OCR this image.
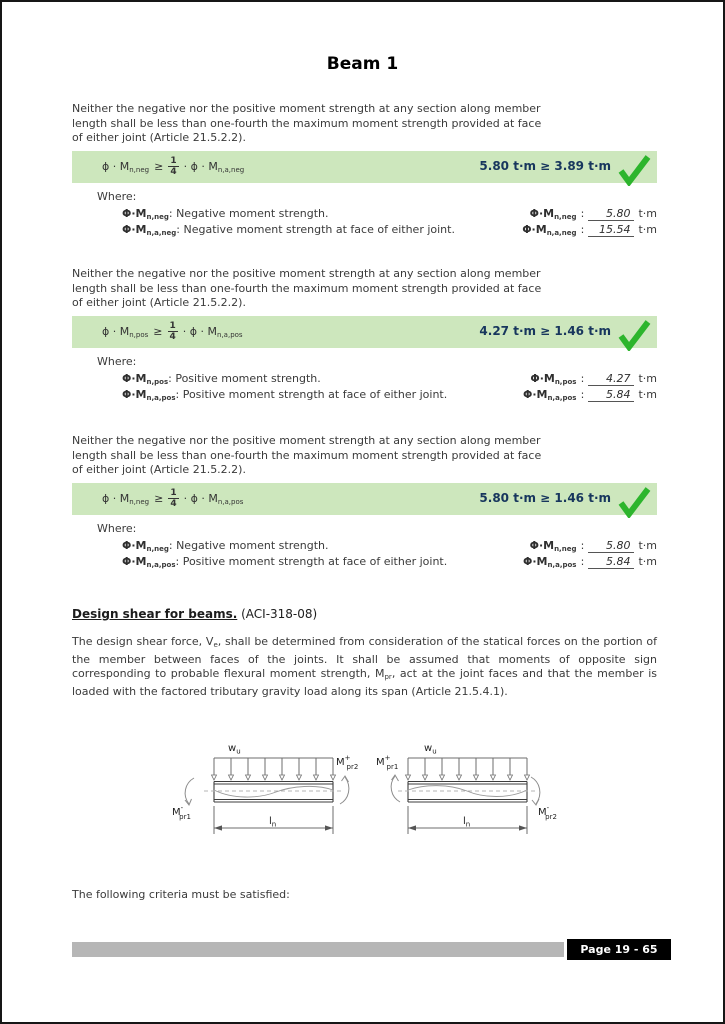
Beam 1

Neither the negative nor the positive moment strength at any section along member length shall be less than one-fourth the maximum moment strength provided at face of either joint (Article 21.5.2.2).

$\phi \cdot M_{n,neg} \ge \frac{1}{4} \cdot \phi \cdot M_{n,a,neg}$	5.80 t·m ≥ 3.89 t·m
Where:
$\Phi\cdot M_{n,neg}$: Negative moment strength.	$\Phi\cdot M_{n,neg}$ :	5.80 t·m
$\Phi\cdot M_{n,a,neg}$: Negative moment strength at face of either joint.	$\Phi\cdot M_{n,a,neg}$ :	15.54 t·m

Neither the negative nor the positive moment strength at any section along member length shall be less than one-fourth the maximum moment strength provided at face of either joint (Article 21.5.2.2).

$\phi \cdot M_{n,pos} \ge \frac{1}{4} \cdot \phi \cdot M_{n,a,pos}$	4.27 t·m ≥ 1.46 t·m
Where:
$\Phi\cdot M_{n,pos}$: Positive moment strength.	$\Phi\cdot M_{n,pos}$ :	4.27 t·m
$\Phi\cdot M_{n,a,pos}$: Positive moment strength at face of either joint.	$\Phi\cdot M_{n,a,pos}$ :	5.84 t·m

Neither the negative nor the positive moment strength at any section along member length shall be less than one-fourth the maximum moment strength provided at face of either joint (Article 21.5.2.2).

$\phi \cdot M_{n,neg} \ge \frac{1}{4} \cdot \phi \cdot M_{n,a,pos}$	5.80 t·m ≥ 1.46 t·m
Where:
$\Phi\cdot M_{n,neg}$: Negative moment strength.	$\Phi\cdot M_{n,neg}$ :	5.80 t·m
$\Phi\cdot M_{n,a,pos}$: Positive moment strength at face of either joint.	$\Phi\cdot M_{n,a,pos}$ :	5.84 t·m
Design shear for beams. (ACI-318-08)

The design shear force, $V_e$, shall be determined from consideration of the statical forces on the portion of the member between faces of the joints. It shall be assumed that moments of opposite sign corresponding to probable flexural moment strength, $M_{pr}$, act at the joint faces and that the member is loaded with the factored tributary gravity load along its span (Article 21.5.4.1).

$w_u$
M-pr1
M+ pr2
$l_n$
$w_u$
M+ pr1
M-pr2
$l_n$
The following criteria must be satisfied:
Page 19 - 65
